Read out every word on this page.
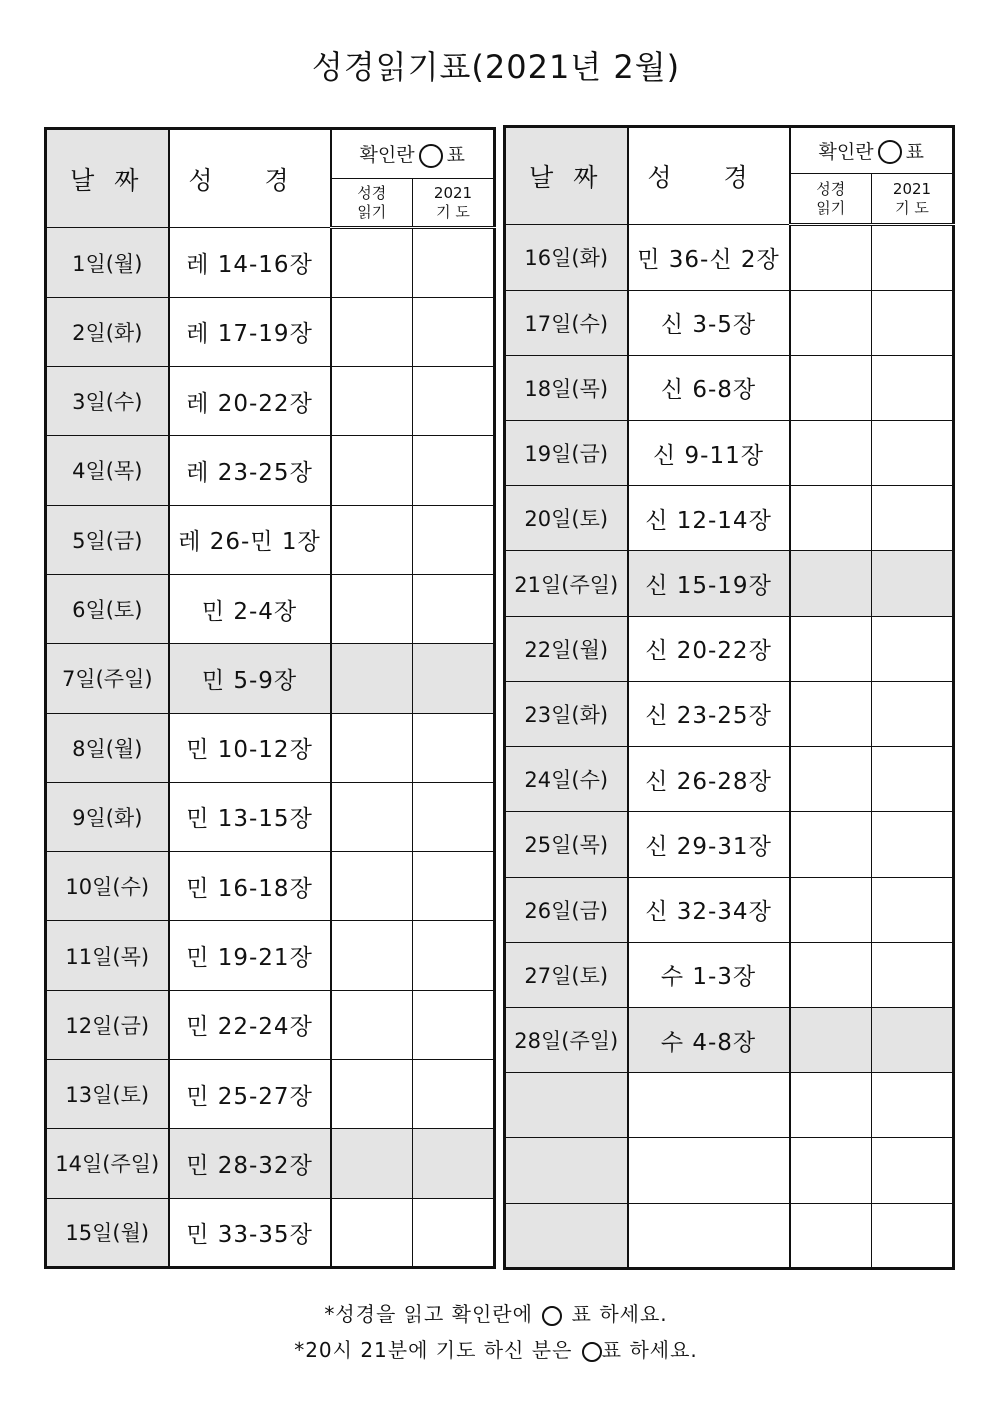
성경읽기표(2021년 2월)
날 짜	성 경	확인란 ○ 표	
		성경
읽기	2021
기 도
1일(월)	레 14-16장		
2일(화)	레 17-19장		
3일(수)	레 20-22장		
4일(목)	레 23-25장		
5일(금)	레 26-민 1장		
6일(토)	민 2-4장		
7일(주일)	민 5-9장		
8일(월)	민 10-12장		
9일(화)	민 13-15장		
10일(수)	민 16-18장		
11일(목)	민 19-21장		
12일(금)	민 22-24장		
13일(토)	민 25-27장		
14일(주일)	민 28-32장		
15일(월)	민 33-35장		
날 짜	성 경	확인란 ○ 표	
		성경
읽기	2021
기 도
16일(화)	민 36-신 2장		
17일(수)	신 3-5장		
18일(목)	신 6-8장		
19일(금)	신 9-11장		
20일(토)	신 12-14장		
21일(주일)	신 15-19장		
22일(월)	신 20-22장		
23일(화)	신 23-25장		
24일(수)	신 26-28장		
25일(목)	신 29-31장		
26일(금)	신 32-34장		
27일(토)	수 1-3장		
28일(주일)	수 4-8장		

*성경을 읽고 확인란에 ○ 표 하세요.
*20시 21분에 기도 하신 분은 ○표 하세요.
